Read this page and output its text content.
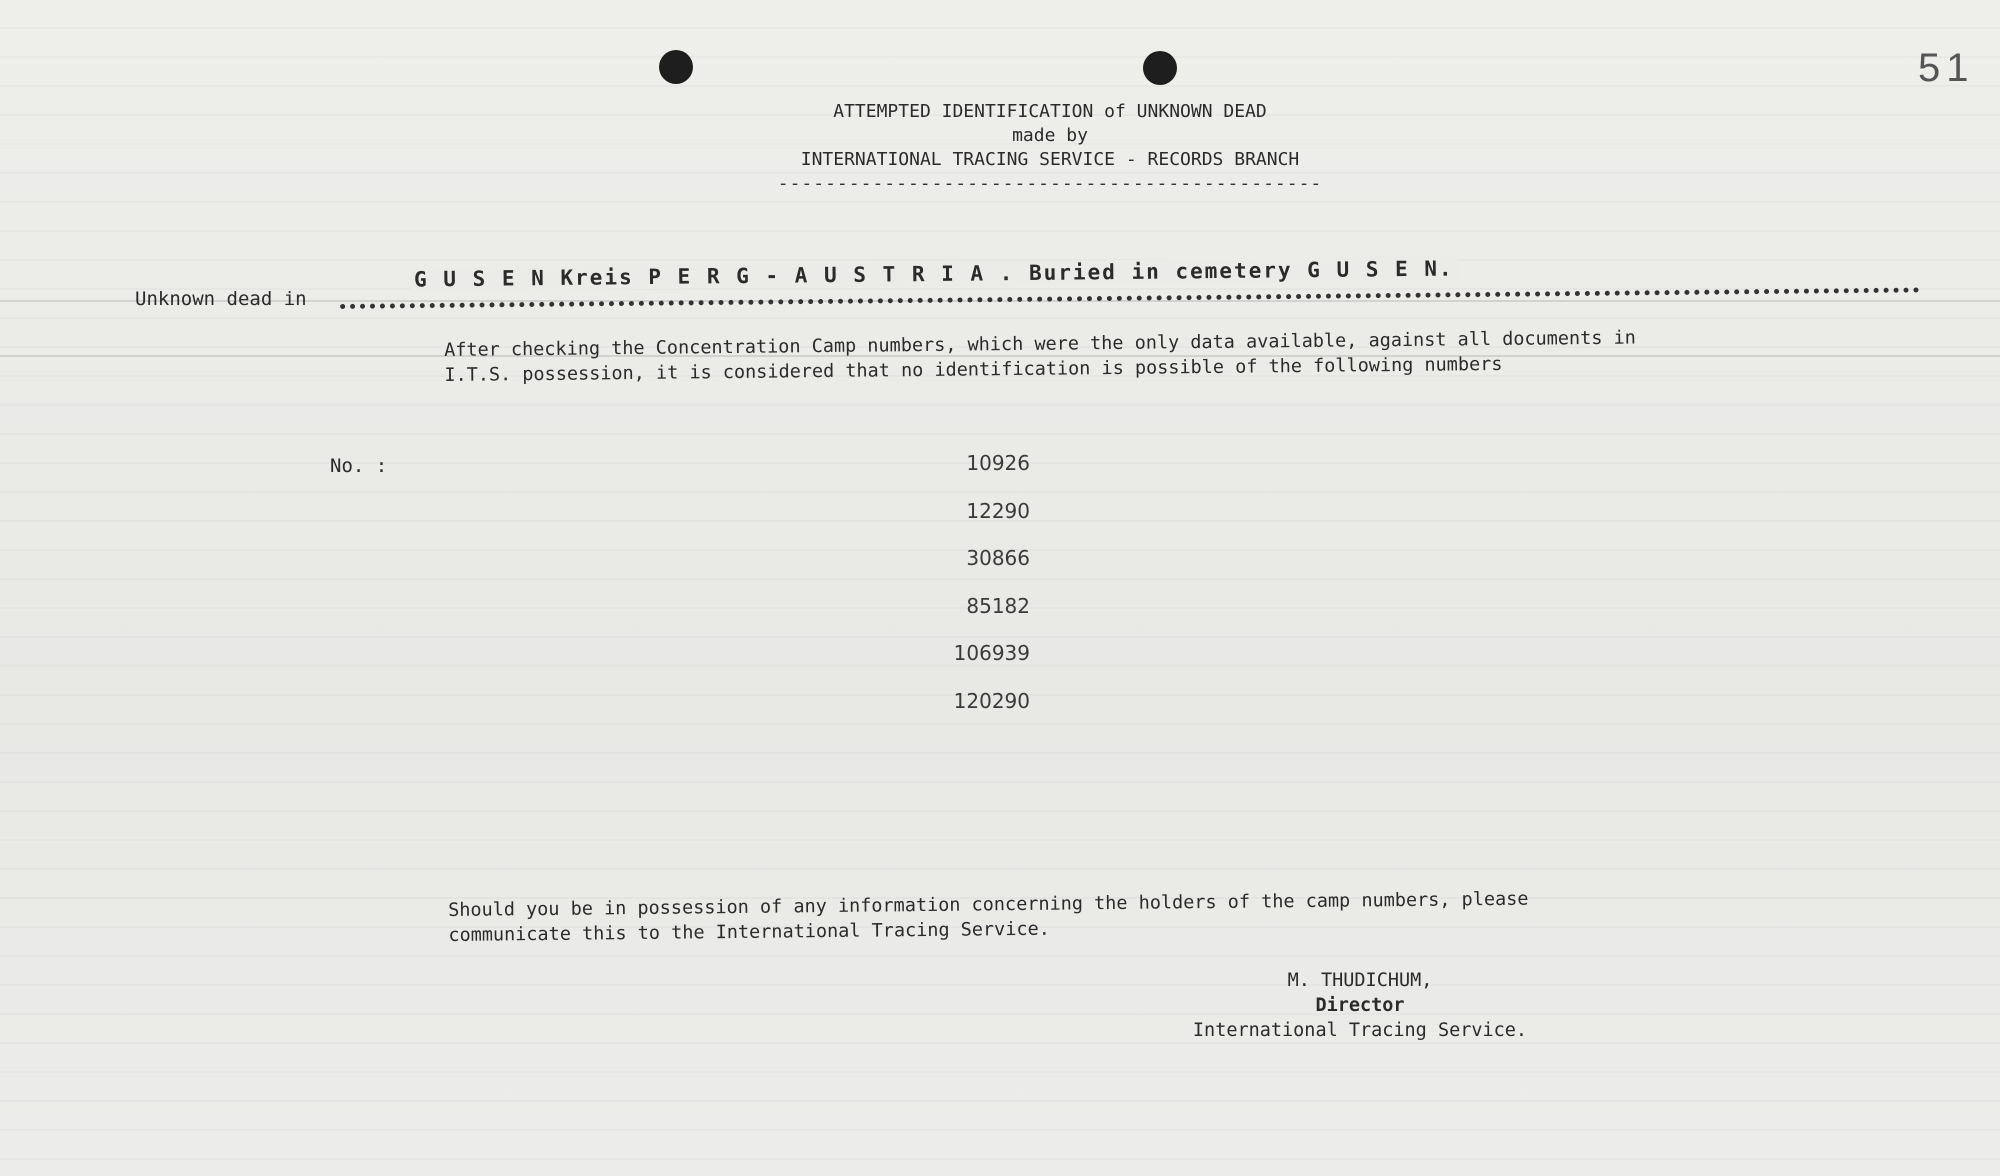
51
ATTEMPTED IDENTIFICATION of UNKNOWN DEAD
made by
INTERNATIONAL TRACING SERVICE - RECORDS BRANCH
----------------------------------------------
Unknown dead in
G U S E N Kreis P E R G - A U S T R I A . Buried in cemetery G U S E N.

After checking the Concentration Camp numbers, which were the only data available, against all documents in I.T.S. possession, it is considered that no identification is possible of the following numbers

No. :	10926
12290
30866
85182
106939
120290

Should you be in possession of any information concerning the holders of the camp numbers, please communicate this to the International Tracing Service.

M. THUDICHUM,
Director
International Tracing Service.
